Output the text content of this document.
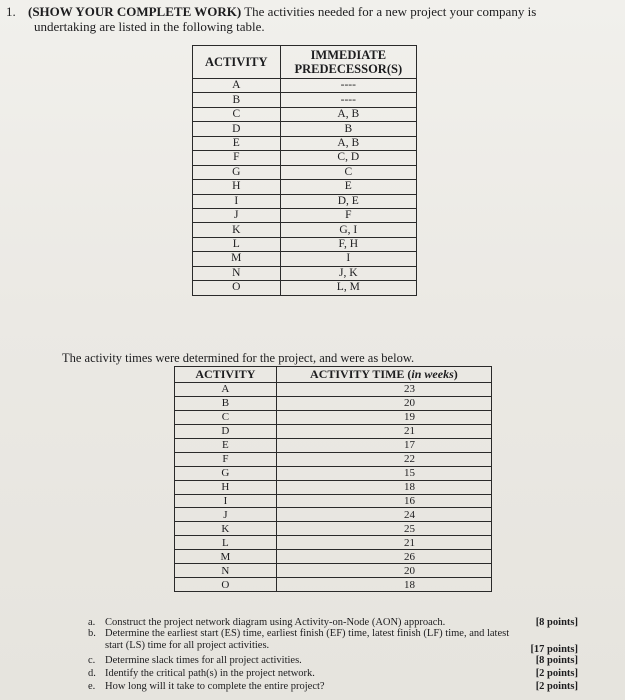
1. (SHOW YOUR COMPLETE WORK) The activities needed for a new project your company is
undertaking are listed in the following table.
ACTIVITY	IMMEDIATE
PREDECESSOR(S)
A	----
B	----
C	A, B
D	B
E	A, B
F	C, D
G	C
H	E
I	D, E
J	F
K	G, I
L	F, H
M	I
N	J, K
O	L, M
The activity times were determined for the project, and were as below.
ACTIVITY	ACTIVITY TIME (in weeks)
A	23
B	20
C	19
D	21
E	17
F	22
G	15
H	18
I	16
J	24
K	25
L	21
M	26
N	20
O	18
a. Construct the project network diagram using Activity-on-Node (AON) approach.	[8 points]
b. Determine the earliest start (ES) time, earliest finish (EF) time, latest finish (LF) time, and latest
start (LS) time for all project activities.	[17 points]
c. Determine slack times for all project activities.	[8 points]
d. Identify the critical path(s) in the project network.	[2 points]
e. How long will it take to complete the entire project?	[2 points]
